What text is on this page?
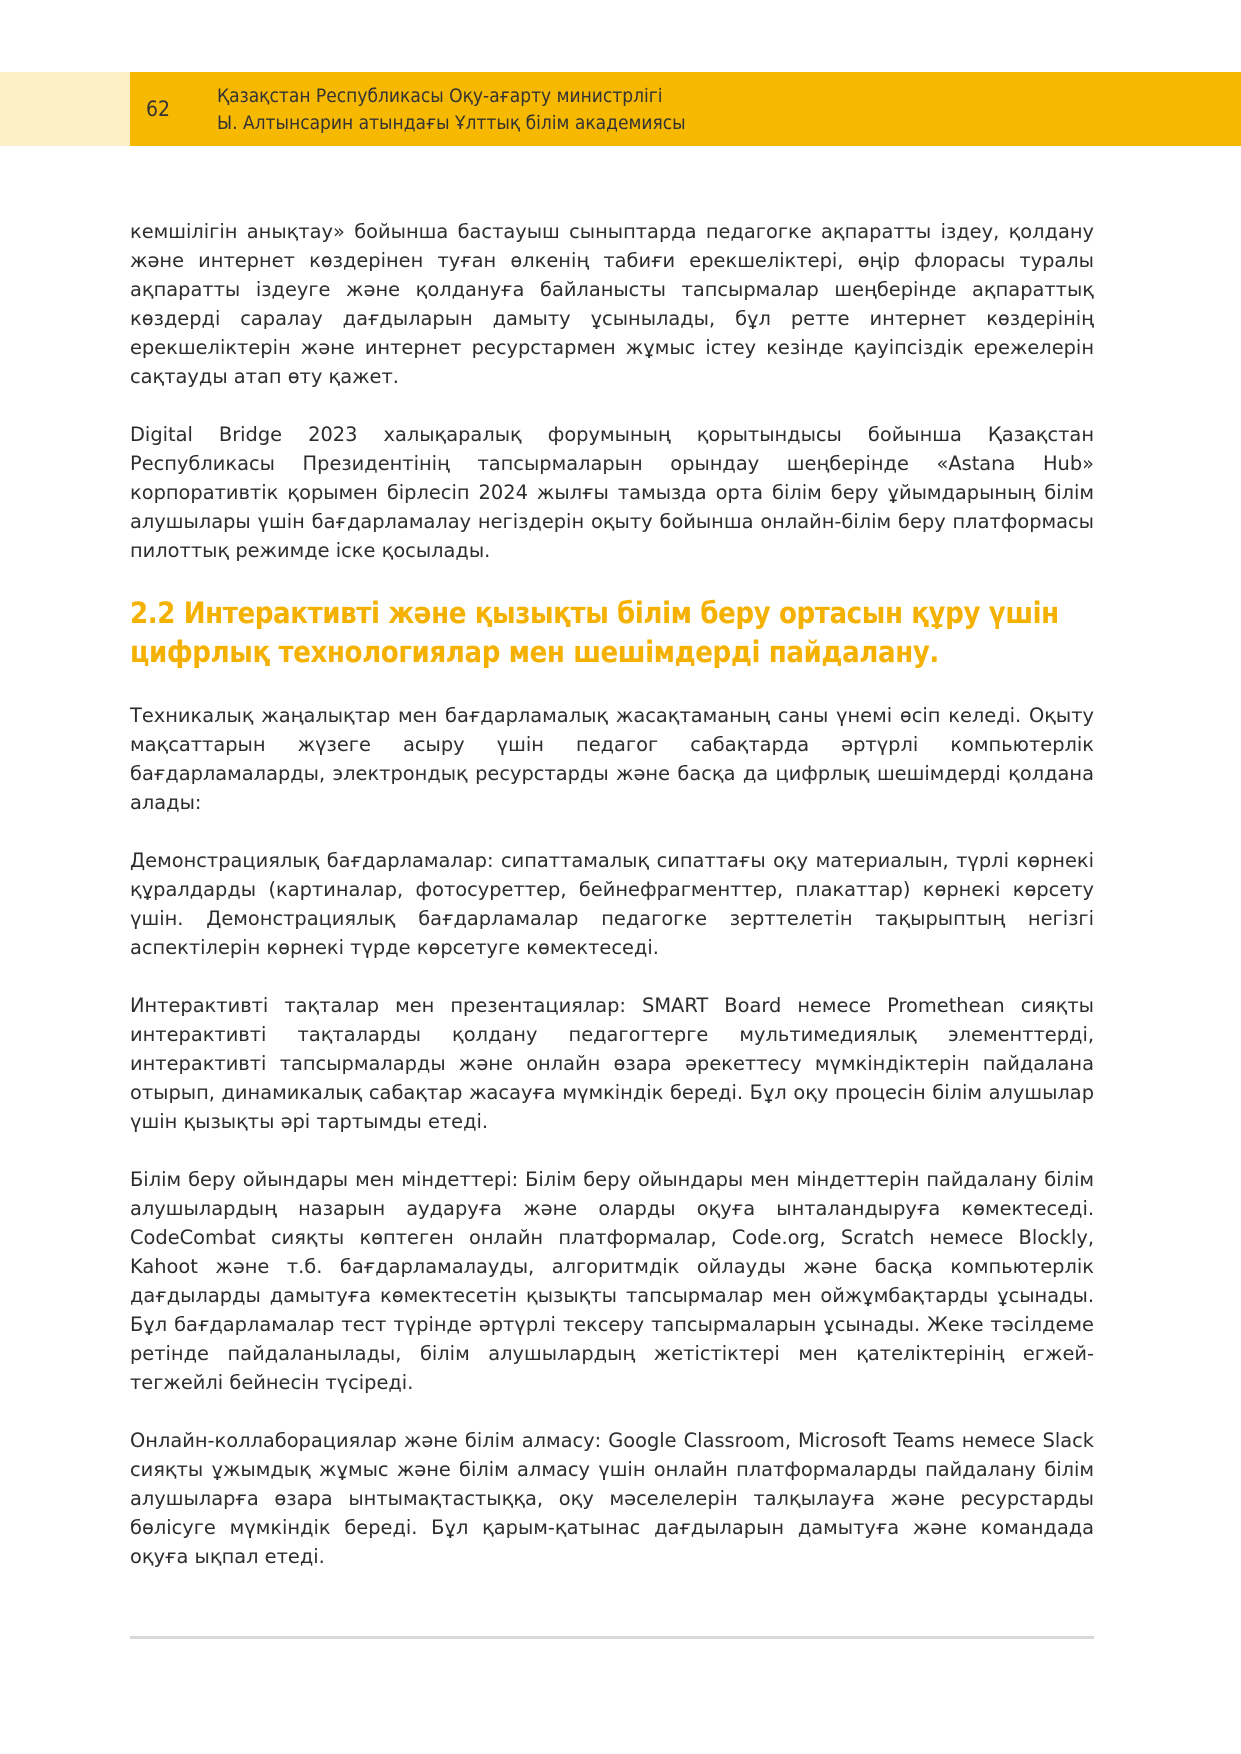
62
Қазақстан Республикасы Оқу-ағарту министрлігі
Ы. Алтынсарин атындағы Ұлттық білім академиясы

кемшілігін анықтау» бойынша бастауыш сыныптарда педагогке ақпаратты іздеу, қолдану және интернет көздерінен туған өлкенің табиғи ерекшеліктері, өңір флорасы туралы ақпаратты іздеуге және қолдануға байланысты тапсырмалар шеңберінде ақпараттық көздерді саралау дағдыларын дамыту ұсынылады, бұл ретте интернет көздерінің ерекшеліктерін және интернет ресурстармен жұмыс істеу кезінде қауіпсіздік ережелерін сақтауды атап өту қажет.

Digital Bridge 2023 халықаралық форумының қорытындысы бойынша Қазақстан Республикасы Президентінің тапсырмаларын орындау шеңберінде «Astana Hub» корпоративтік қорымен бірлесіп 2024 жылғы тамызда орта білім беру ұйымдарының білім алушылары үшін бағдарламалау негіздерін оқыту бойынша онлайн-білім беру платформасы пилоттық режимде іске қосылады.

2.2 Интерактивті және қызықты білім беру ортасын құру үшін цифрлық технологиялар мен шешімдерді пайдалану.

Техникалық жаңалықтар мен бағдарламалық жасақтаманың саны үнемі өсіп келеді. Оқыту мақсаттарын жүзеге асыру үшін педагог сабақтарда әртүрлі компьютерлік бағдарламаларды, электрондық ресурстарды және басқа да цифрлық шешімдерді қолдана алады:

Демонстрациялық бағдарламалар: сипаттамалық сипаттағы оқу материалын, түрлі көрнекі құралдарды (картиналар, фотосуреттер, бейнефрагменттер, плакаттар) көрнекі көрсету үшін. Демонстрациялық бағдарламалар педагогке зерттелетін тақырыптың негізгі аспектілерін көрнекі түрде көрсетуге көмектеседі.

Интерактивті тақталар мен презентациялар: SMART Board немесе Promethean сияқты интерактивті тақталарды қолдану педагогтерге мультимедиялық элементтерді, интерактивті тапсырмаларды және онлайн өзара әрекеттесу мүмкіндіктерін пайдалана отырып, динамикалық сабақтар жасауға мүмкіндік береді. Бұл оқу процесін білім алушылар үшін қызықты әрі тартымды етеді.

Білім беру ойындары мен міндеттері: Білім беру ойындары мен міндеттерін пайдалану білім алушылардың назарын аударуға және оларды оқуға ынталандыруға көмектеседі. CodeCombat сияқты көптеген онлайн платформалар, Code.org, Scratch немесе Blockly, Kahoot және т.б. бағдарламалауды, алгоритмдік ойлауды және басқа компьютерлік дағдыларды дамытуға көмектесетін қызықты тапсырмалар мен ойжұмбақтарды ұсынады. Бұл бағдарламалар тест түрінде әртүрлі тексеру тапсырмаларын ұсынады. Жеке тәсілдеме ретінде пайдаланылады, білім алушылардың жетістіктері мен қателіктерінің егжей-тегжейлі бейнесін түсіреді.

Онлайн-коллаборациялар және білім алмасу: Google Classroom, Microsoft Teams немесе Slack сияқты ұжымдық жұмыс және білім алмасу үшін онлайн платформаларды пайдалану білім алушыларға өзара ынтымақтастыққа, оқу мәселелерін талқылауға және ресурстарды бөлісуге мүмкіндік береді. Бұл қарым-қатынас дағдыларын дамытуға және командада оқуға ықпал етеді.
